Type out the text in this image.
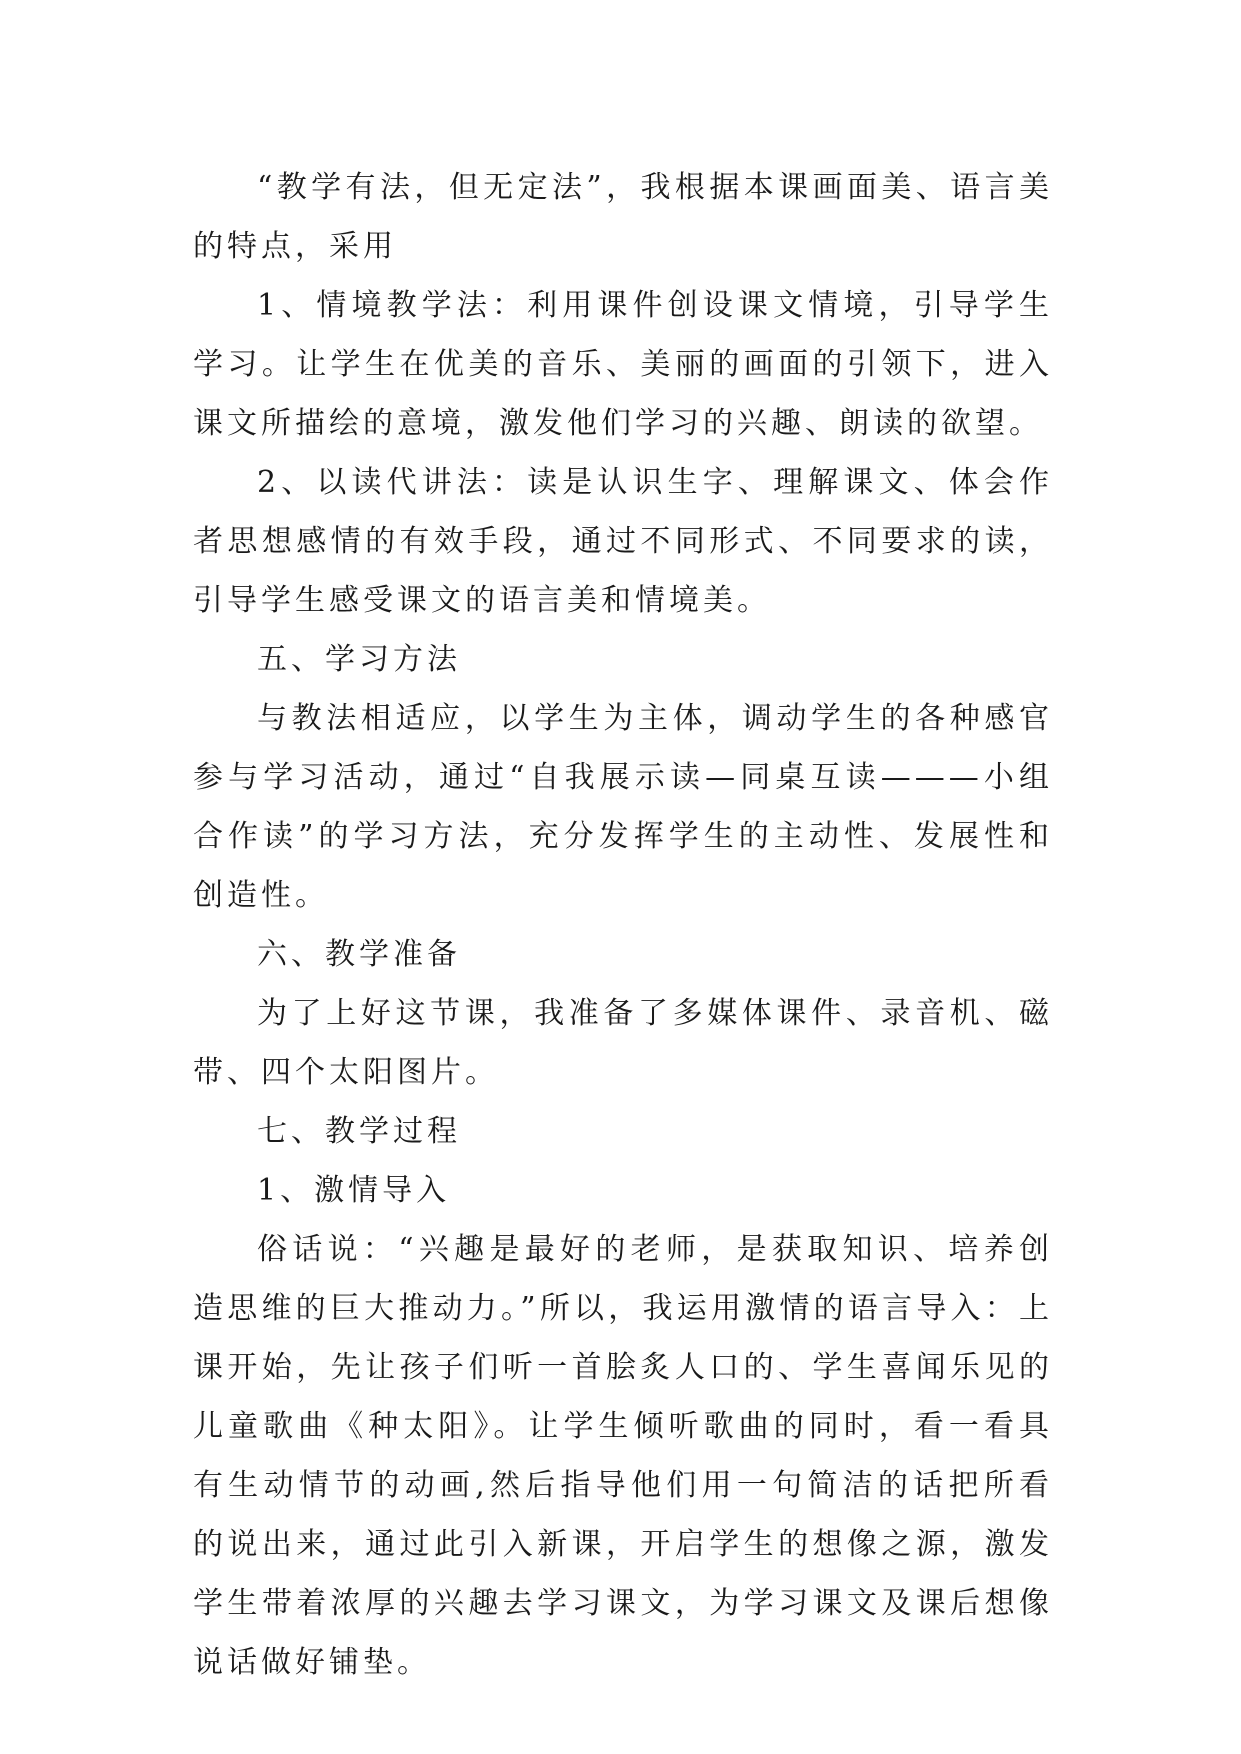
“教学有法，但无定法”，我根据本课画面美、语言美的特点，采用

1、情境教学法：利用课件创设课文情境，引导学生学习。让学生在优美的音乐、美丽的画面的引领下，进入课文所描绘的意境，激发他们学习的兴趣、朗读的欲望。

2、以读代讲法：读是认识生字、理解课文、体会作者思想感情的有效手段，通过不同形式、不同要求的读，引导学生感受课文的语言美和情境美。

五、学习方法

与教法相适应，以学生为主体，调动学生的各种感官参与学习活动，通过“自我展示读—同桌互读———小组合作读”的学习方法，充分发挥学生的主动性、发展性和创造性。

六、教学准备

为了上好这节课，我准备了多媒体课件、录音机、磁带、四个太阳图片。

七、教学过程

1、激情导入

俗话说：“兴趣是最好的老师，是获取知识、培养创造思维的巨大推动力。”所以，我运用激情的语言导入：上课开始，先让孩子们听一首脍炙人口的、学生喜闻乐见的儿童歌曲《种太阳》。让学生倾听歌曲的同时，看一看具有生动情节的动画,然后指导他们用一句简洁的话把所看的说出来，通过此引入新课，开启学生的想像之源，激发学生带着浓厚的兴趣去学习课文，为学习课文及课后想像说话做好铺垫。
